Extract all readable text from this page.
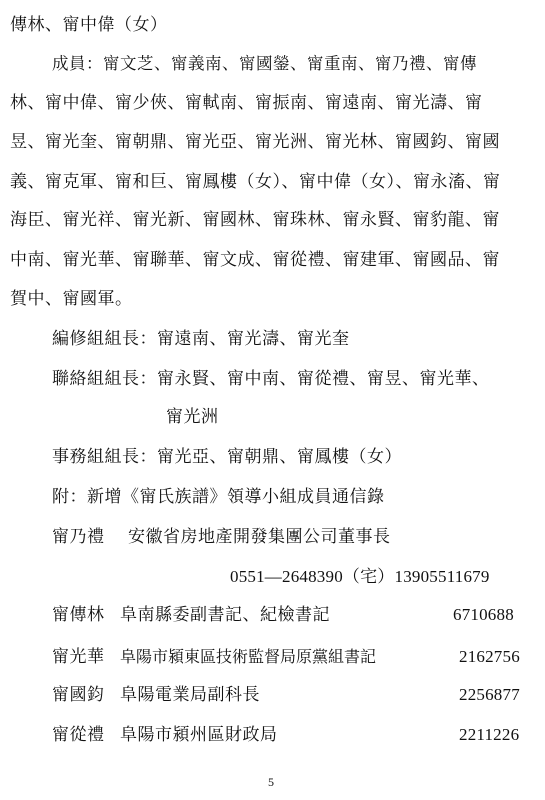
傳林、甯中偉（女）
成員：甯文芝、甯義南、甯國鎣、甯重南、甯乃禮、甯傳
林、甯中偉、甯少俠、甯軾南、甯振南、甯遠南、甯光濤、甯
昱、甯光奎、甯朝鼎、甯光亞、甯光洲、甯光林、甯國鈞、甯國
義、甯克軍、甯和巨、甯鳳樓（女）、甯中偉（女）、甯永滀、甯
海臣、甯光祥、甯光新、甯國林、甯珠林、甯永賢、甯豹龍、甯
中南、甯光華、甯聯華、甯文成、甯從禮、甯建軍、甯國品、甯
賀中、甯國軍。
編修組組長：甯遠南、甯光濤、甯光奎
聯絡組組長：甯永賢、甯中南、甯從禮、甯昱、甯光華、
甯光洲
事務組組長：甯光亞、甯朝鼎、甯鳳樓（女）
附：新增《甯氏族譜》領導小組成員通信錄
甯乃禮 安徽省房地產開發集團公司董事長
0551—2648390（宅）13905511679
甯傳林 阜南縣委副書記、紀檢書記	6710688
甯光華 阜陽市潁東區技術監督局原黨組書記	2162756
甯國鈞 阜陽電業局副科長	2256877
甯從禮 阜陽市潁州區財政局	2211226
5
